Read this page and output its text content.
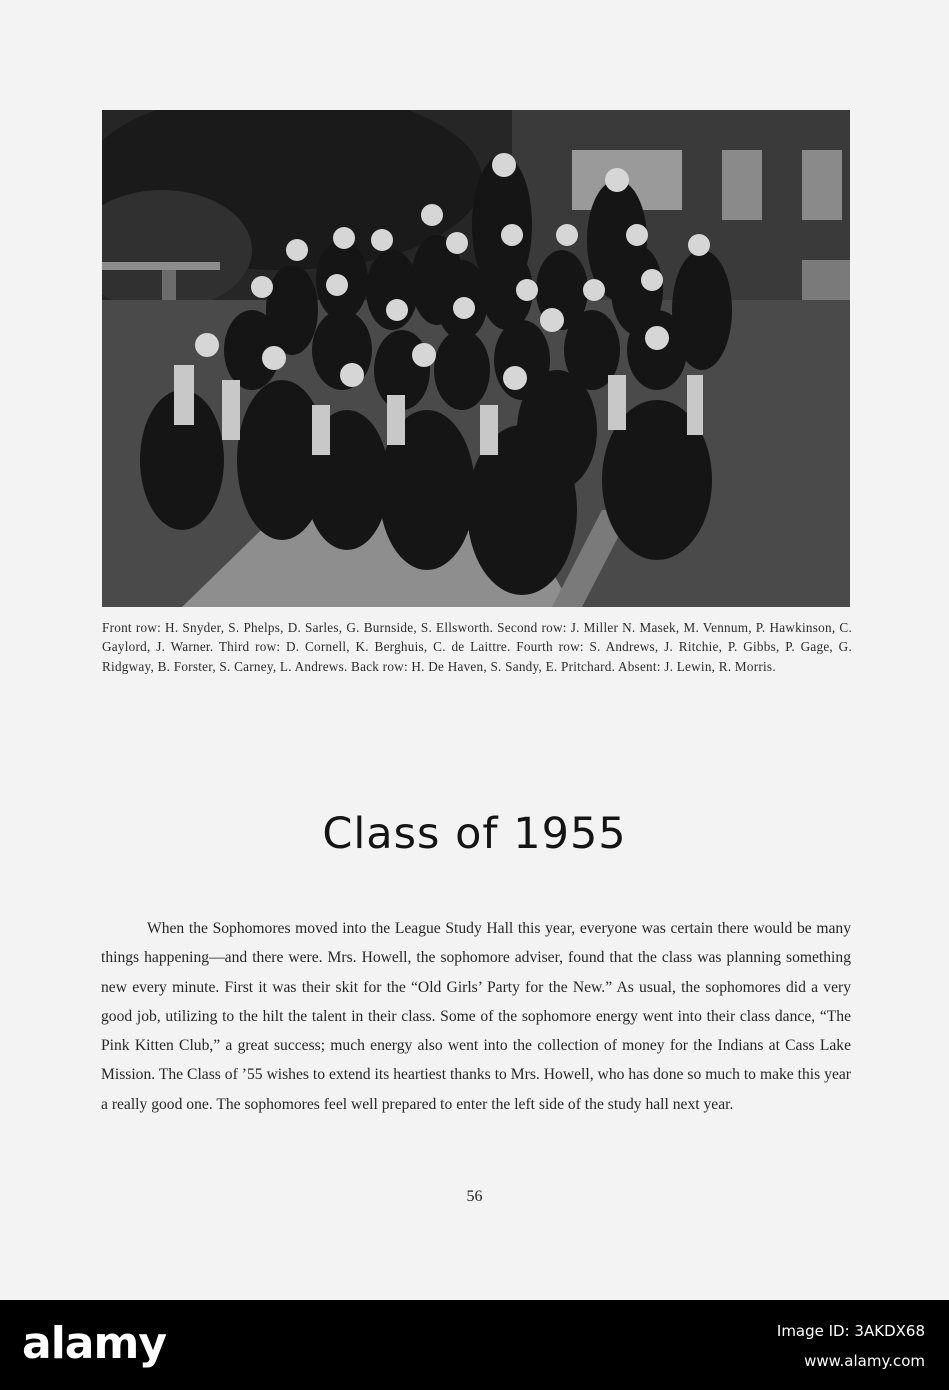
Front row: H. Snyder, S. Phelps, D. Sarles, G. Burnside, S. Ellsworth. Second row: J. Miller N. Masek, M. Vennum, P. Hawkinson, C. Gaylord, J. Warner. Third row: D. Cornell, K. Berghuis, C. de Laittre. Fourth row: S. Andrews, J. Ritchie, P. Gibbs, P. Gage, G. Ridgway, B. Forster, S. Carney, L. Andrews. Back row: H. De Haven, S. Sandy, E. Pritchard. Absent: J. Lewin, R. Morris.
Class of 1955

When the Sophomores moved into the League Study Hall this year, everyone was certain there would be many things happening—and there were. Mrs. Howell, the sophomore adviser, found that the class was planning something new every minute. First it was their skit for the “Old Girls’ Party for the New.” As usual, the sophomores did a very good job, utilizing to the hilt the talent in their class. Some of the sophomore energy went into their class dance, “The Pink Kitten Club,” a great success; much energy also went into the collection of money for the Indians at Cass Lake Mission. The Class of ’55 wishes to extend its heartiest thanks to Mrs. Howell, who has done so much to make this year a really good one. The sophomores feel well prepared to enter the left side of the study hall next year.

56
alamy	Image ID: 3AKDX68
www.alamy.com
